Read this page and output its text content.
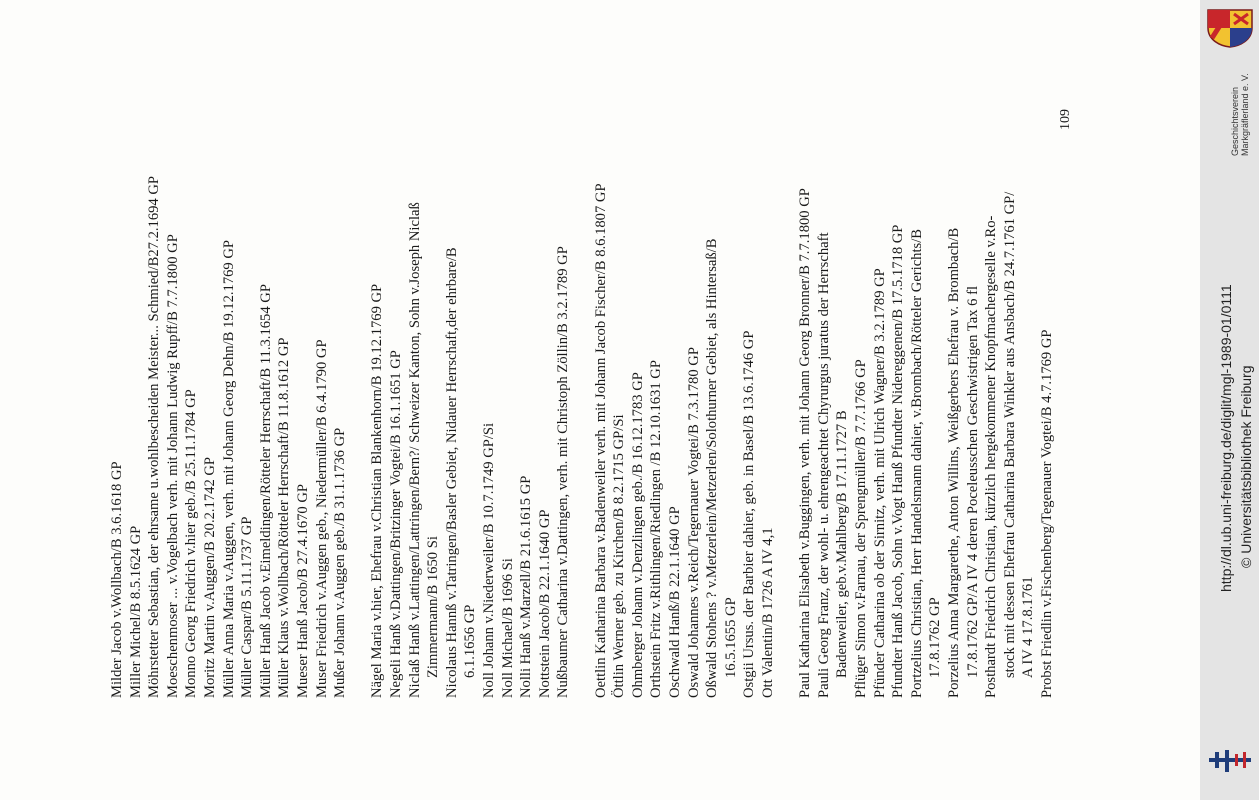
Milder Jacob v.Wollbach/B 3.6.1618 GP Miller Michel/B 8.5.1624 GP Möhrstetter Sebastian, der ehrsame u.wohlbescheiden Meister... Schmied/B27.2.1694 GP Moeschenmoser ... v.Vogelbach verh. mit Johann Ludwig Rupff/B 7.7.1800 GP Monno Georg Friedrich v.hier geb./B 25.11.1784 GP Moritz Martin v.Auggen/B 20.2.1742 GP Müller Anna Maria v.Auggen, verh. mit Johann Georg Dehn/B 19.12.1769 GP Müller Caspar/B 5.11.1737 GP Müller Hanß Jacob v.Eimeldingen/Rötteler Herrschaft/B 11.3.1654 GP Müller Klaus v.Wollbach/Rötteler Herrschaft/B 11.8.1612 GP Mueser Hanß Jacob/B 27.4.1670 GP Muser Friedrich v.Auggen geb., Niedermüller/B 6.4.1790 GP Mußer Johann v.Auggen geb./B 31.1.1736 GP Nägel Maria v.hier, Ehefrau v.Christian Blankenhorn/B 19.12.1769 GP Negeli Hanß v.Dattingen/Britzinger Vogtei/B 16.1.1651 GP Niclaß Hanß v.Lattingen/Lattringen/Bern?/ Schweizer Kanton, Sohn v.Joseph Niclaß Zimmermann/B 1650 Si Nicolaus Hannß v.Tatringen/Basler Gebiet, Nidauer Herrschaft,der ehrbare/B 6.1.1656 GP Noll Johann v.Niederweiler/B 10.7.1749 GP/Si Noll Michael/B 1696 Si Nolli Hanß v.Marzell/B 21.6.1615 GP Nottstein Jacob/B 22.1.1640 GP Nußbaumer Catharina v.Dattingen, verh. mit Christoph Zöllin/B 3.2.1789 GP Oettlin Katharina Barbara v.Badenweiler verh. mit Johann Jacob Fischer/B 8.6.1807 GP Öttlin Werner geb. zu Kirchen/B 8.2.1715 GP/Si Ohmberger Johann v.Denzlingen geb./B 16.12.1783 GP Orthstein Fritz v.Rithlingen/Riedlingen /B 12.10.1631 GP Oschwald Hanß/B 22.1.1640 GP Oswald Johannes v.Reich/Tegernauer Vogtei/B 7.3.1780 GP Oßwald Stohens ? v.Metzerlein/Metzerlen/Solothurner Gebiet, als Hintersaß/B 16.5.1655 GP Ostgii Ursus. der Barbier dahier, geb. in Basel/B 13.6.1746 GP Ott Valentin/B 1726 A IV 4,1 Paul Katharina Elisabeth v.Buggingen, verh. mit Johann Georg Bronner/B 7.7.1800 GP Pauli Georg Franz, der wohl- u. ehrengeachtet Chyrurgus juratus der Herrschaft Badenweiler, geb.v.Mahlberg/B 17.11.1727 B Pflüger Simon v.Farnau, der Sprengmüller/B 7.7.1766 GP Pfünder Catharina ob der Sirnitz, verh. mit Ulrich Wagner/B 3.2.1789 GP Pfundter Hanß Jacob, Sohn v.Vogt Hanß Pfundter Nidereggenen/B 17.5.1718 GP Portzelius Christian, Herr Handelsmann dahier, v.Brombach/Rötteler Gerichts/B 17.8.1762 GP Porzelius Anna Margarethe, Anton Willins, Weißgerbers Ehefrau v. Brombach/B 17.8.1762 GP/A IV 4 deren Poceleusschen Geschwistrigen Tax 6 fl Posthardt Friedrich Christian, kürzlich hergekommener Knopfmachergeselle v.Ro- stock mit dessen Ehefrau Catharina Barbara Winkler aus Ansbach/B 24.7.1761 GP/ A IV 4 17.8.1761 Probst Friedlin v.Fischenberg/Tegenauer Vogtei/B 4.7.1769 GP
109	Geschichtsverein Markgräflerland e. V.
http://dl.ub.uni-freiburg.de/diglit/mgl-1989-01/0111 © Universitätsbibliothek Freiburg
